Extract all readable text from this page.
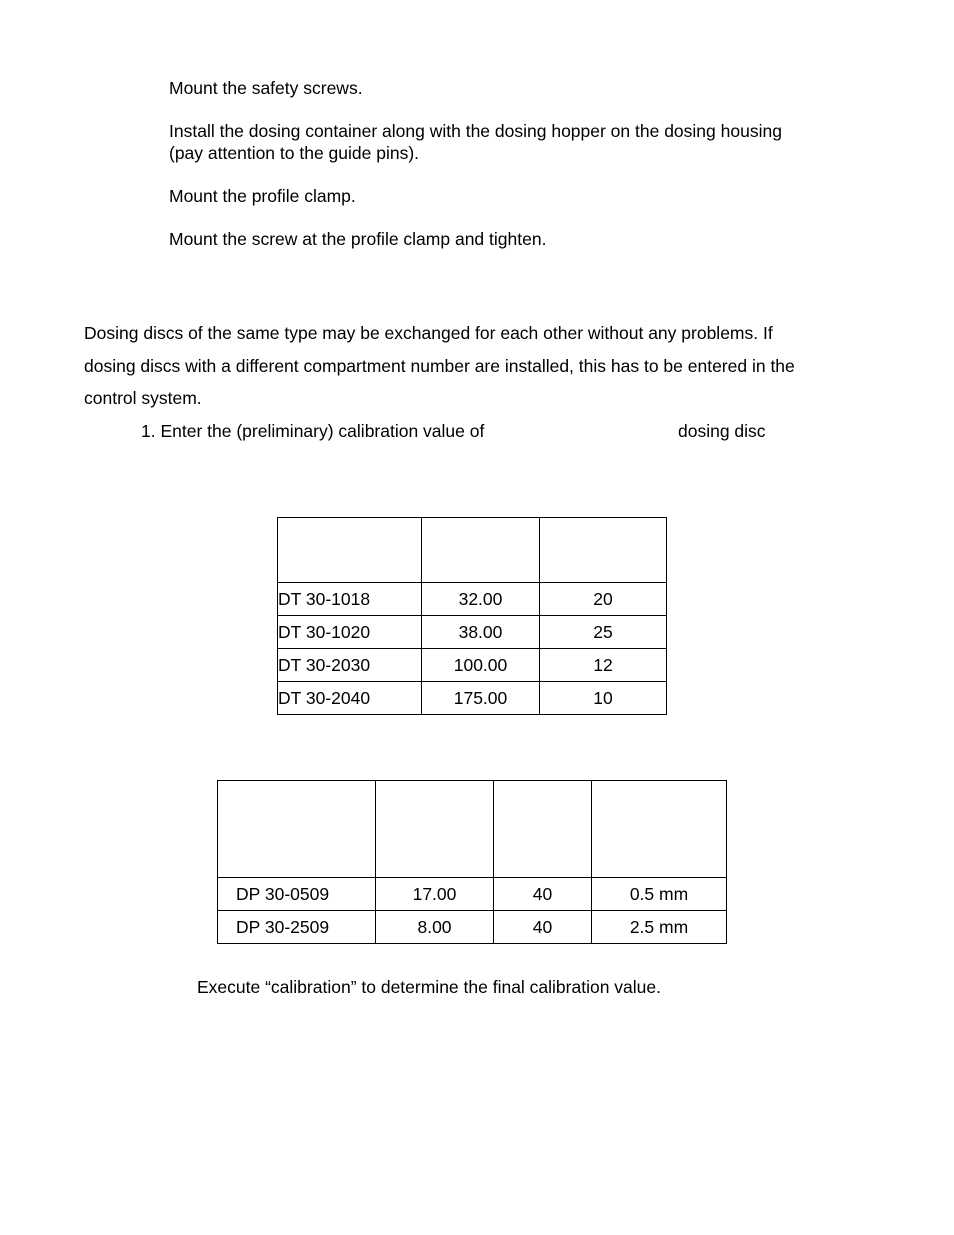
Mount the safety screws.
Install the dosing container along with the dosing hopper on the dosing housing
(pay attention to the guide pins).
Mount the profile clamp.
Mount the screw at the profile clamp and tighten.
Dosing discs of the same type may be exchanged for each other without any problems. If
dosing discs with a different compartment number are installed, this has to be entered in the
control system.
1. Enter the (preliminary) calibration value of	dosing disc

DT 30-1018	32.00	20
DT 30-1020	38.00	25
DT 30-2030	100.00	12
DT 30-2040	175.00	10

DP 30-0509	17.00	40	0.5 mm
DP 30-2509	8.00	40	2.5 mm
Execute “calibration” to determine the final calibration value.
